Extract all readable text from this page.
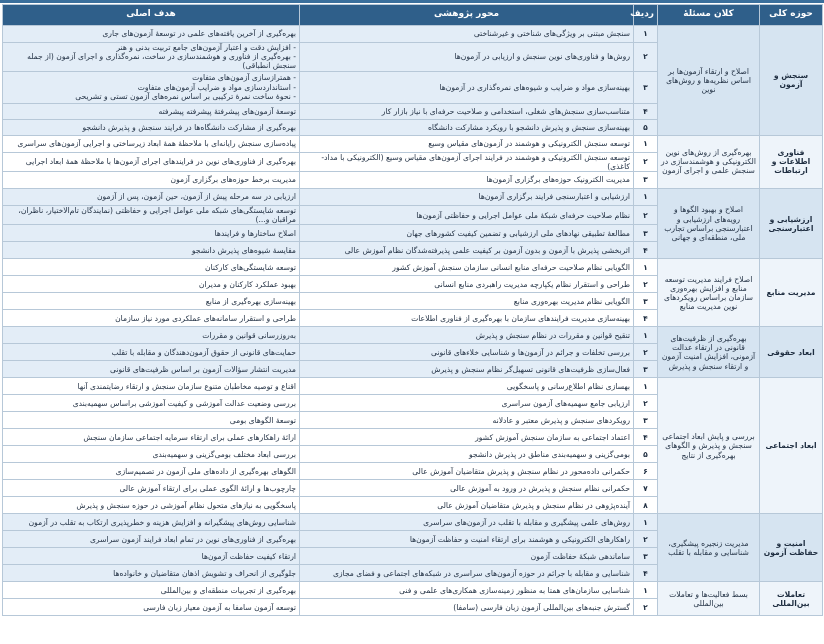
حوزه کلی	کلان مسئلهٔ	ردیف	محور پژوهشی	هدف اصلی
سنجش و آزمون	اصلاح و ارتقاء آزمون‌ها بر اساس نظریه‌ها و روش‌های نوین	۱	سنجش مبتنی بر ویژگی‌های شناختی و غیرشناختی	بهره‌گیری از آخرین یافته‌های علمی در توسعهٔ آزمون‌های جاری
		۲	روش‌ها و فناوری‌های نوین سنجش و ارزیابی در آزمون‌ها	- افزایش دقت و اعتبار آزمون‌های جامع تربیت بدنی و هنر
- بهره‌گیری از فناوری و هوشمندسازی در ساخت، نمره‌گذاری و اجرای آزمون (از جمله سنجش انطباقی)
		۳	بهینه‌سازی مواد و ضرایب و شیوه‌های نمره‌گذاری در آزمون‌ها	- همترازسازی آزمون‌های متفاوت
- استانداردسازی مواد و ضرایب آزمون‌های متفاوت
- نحوهٔ ساخت نمرهٔ ترکیبی بر اساس نمره‌های آزمون تستی و تشریحی
		۴	متناسب‌سازی سنجش‌های شغلی، استخدامی و صلاحیت حرفه‌ای با نیاز بازار کار	توسعهٔ آزمون‌های پیشرفتهٔ پیشرفته پیشرفته
		۵	بهینه‌سازی سنجش و پذیرش دانشجو با رویکرد مشارکت دانشگاه	بهره‌گیری از مشارکت دانشگاه‌ها در فرایند سنجش و پذیرش دانشجو
فناوری اطلاعات و ارتباطات	بهره‌گیری از روش‌های نوین الکترونیکی و هوشمندسازی در سنجش علمی و اجرای آزمون	۱	توسعه سنجش الکترونیکی و هوشمند در آزمون‌های مقیاس وسیع	پیاده‌سازی سنجش رایانه‌ای با ملاحظهٔ همهٔ ابعاد زیرساختی و اجرایی آزمون‌های سراسری
		۲	توسعه سنجش الکترونیکی و هوشمند در فرایند اجرای آزمون‌های مقیاس وسیع (الکترونیکی با مداد-کاغذی)	بهره‌گیری از فناوری‌های نوین در فرایندهای اجرای آزمون‌ها با ملاحظهٔ همهٔ ابعاد اجرایی
		۳	مدیریت الکترونیک حوزه‌های برگزاری آزمون‌ها	مدیریت برخط حوزه‌های برگزاری آزمون
ارزشیابی و اعتبارسنجی	اصلاح و بهبود الگوها و رویه‌های ارزشیابی و اعتبارسنجی براساس تجارب ملی، منطقه‌ای و جهانی	۱	ارزشیابی و اعتبارسنجی فرایند برگزاری آزمون‌ها	ارزیابی در سه مرحله پیش از آزمون، حین آزمون، پس از آزمون
		۲	نظام صلاحیت حرفه‌ای شبکهٔ ملی عوامل اجرایی و حفاظتی آزمون‌ها	توسعه شایستگی‌های شبکه ملی عوامل اجرایی و حفاظتی (نمایندگان تام‌الاختیار، ناظران، مراقبان و...)
		۳	مطالعهٔ تطبیقی نهادهای ملی ارزشیابی و تضمین کیفیت کشورهای جهان	اصلاح ساختارها و فرایندها
		۴	اثربخشی پذیرش با آزمون و بدون آزمون بر کیفیت علمی پذیرفته‌شدگان نظام آموزش عالی	مقایسهٔ شیوه‌های پذیرش دانشجو
مدیریت منابع	اصلاح فرایند مدیریت توسعه منابع و افزایش بهره‌وری سازمان براساس رویکردهای نوین مدیریت منابع	۱	الگویابی نظام صلاحیت حرفه‌ای منابع انسانی سازمان سنجش آموزش کشور	توسعه شایستگی‌های کارکنان
		۲	طراحی و استقرار نظام یکپارچه مدیریت راهبردی منابع انسانی	بهبود عملکرد کارکنان و مدیران
		۳	الگویابی نظام مدیریت بهره‌وری منابع	بهینه‌سازی بهره‌گیری از منابع
		۴	بهینه‌سازی مدیریت فرایندهای سازمان با بهره‌گیری از فناوری اطلاعات	طراحی و استقرار سامانه‌های عملکردی مورد نیاز سازمان
ابعاد حقوقی	بهره‌گیری از ظرفیت‌های قانونی در ارتقاء عدالت آزمونی، افزایش امنیت آزمون و ارتقاء سنجش و پذیرش	۱	تنقیح قوانین و مقررات در نظام سنجش و پذیرش	به‌روزرسانی قوانین و مقررات
		۲	بررسی تخلفات و جرائم در آزمون‌ها و شناسایی خلاءهای قانونی	حمایت‌های قانونی از حقوق آزمون‌دهندگان و مقابله با تقلب
		۳	فعال‌سازی ظرفیت‌های قانونی تسهیل‌گر نظام سنجش و پذیرش	مدیریت انتشار سؤالات آزمون بر اساس ظرفیت‌های قانونی
ابعاد اجتماعی	بررسی و پایش ابعاد اجتماعی سنجش و پذیرش و الگوهای بهره‌گیری از نتایج	۱	بهسازی نظام اطلاع‌رسانی و پاسخگویی	اقناع و توصیه مخاطبان متنوع سازمان سنجش و ارتقاء رضایتمندی آنها
		۲	ارزیابی جامع سهمیه‌های آزمون سراسری	بررسی وضعیت عدالت آموزشی و کیفیت آموزشی براساس سهمیه‌بندی
		۳	رویکردهای سنجش و پذیرش معتبر و عادلانه	توسعهٔ الگوهای بومی
		۴	اعتماد اجتماعی به سازمان سنجش آموزش کشور	ارائهٔ راهکارهای عملی برای ارتقاء سرمایه اجتماعی سازمان سنجش
		۵	بومی‌گزینی و سهمیه‌بندی مناطق در پذیرش دانشجو	بررسی ابعاد مختلف بومی‌گزینی و سهمیه‌بندی
		۶	حکمرانی داده‌محور در نظام سنجش و پذیرش متقاضیان آموزش عالی	الگوهای بهره‌گیری از داده‌های ملی آزمون در تصمیم‌سازی
		۷	حکمرانی نظام سنجش و پذیرش در ورود به آموزش عالی	چارچوب‌ها و ارائهٔ الگوی عملی برای ارتقاء آموزش عالی
		۸	آینده‌پژوهی در نظام سنجش و پذیرش متقاضیان آموزش عالی	پاسخگویی به نیازهای متحول نظام آموزشی در حوزه سنجش و پذیرش
امنیت و حفاظت آزمون	مدیریت زنجیره پیشگیری، شناسایی و مقابله با تقلب	۱	روش‌های علمی پیشگیری و مقابله با تقلب در آزمون‌های سراسری	شناسایی روش‌های پیشگیرانه و افزایش هزینه و خطرپذیری ارتکاب به تقلب در آزمون
		۲	راهکارهای الکترونیکی و هوشمند برای ارتقاء امنیت و حفاظت آزمون‌ها	بهره‌گیری از فناوری‌های نوین در تمام ابعاد فرایند آزمون سراسری
		۳	ساماندهی شبکهٔ حفاظت آزمون	ارتقاء کیفیت حفاظت آزمون‌ها
		۴	شناسایی و مقابله با جرائم در حوزه آزمون‌های سراسری در شبکه‌های اجتماعی و فضای مجازی	جلوگیری از انحراف و تشویش اذهان متقاضیان و خانواده‌ها
تعاملات بین‌المللی	بسط فعالیت‌ها و تعاملات بین‌المللی	۱	شناسایی سازمان‌های همتا به منظور زمینه‌سازی همکاری‌های علمی و فنی	بهره‌گیری از تجربیات منطقه‌ای و بین‌المللی
		۲	گسترش جنبه‌های بین‌المللی آزمون زبان فارسی (سامفا)	توسعه آزمون سامفا به آزمون معیار زبان فارسی
